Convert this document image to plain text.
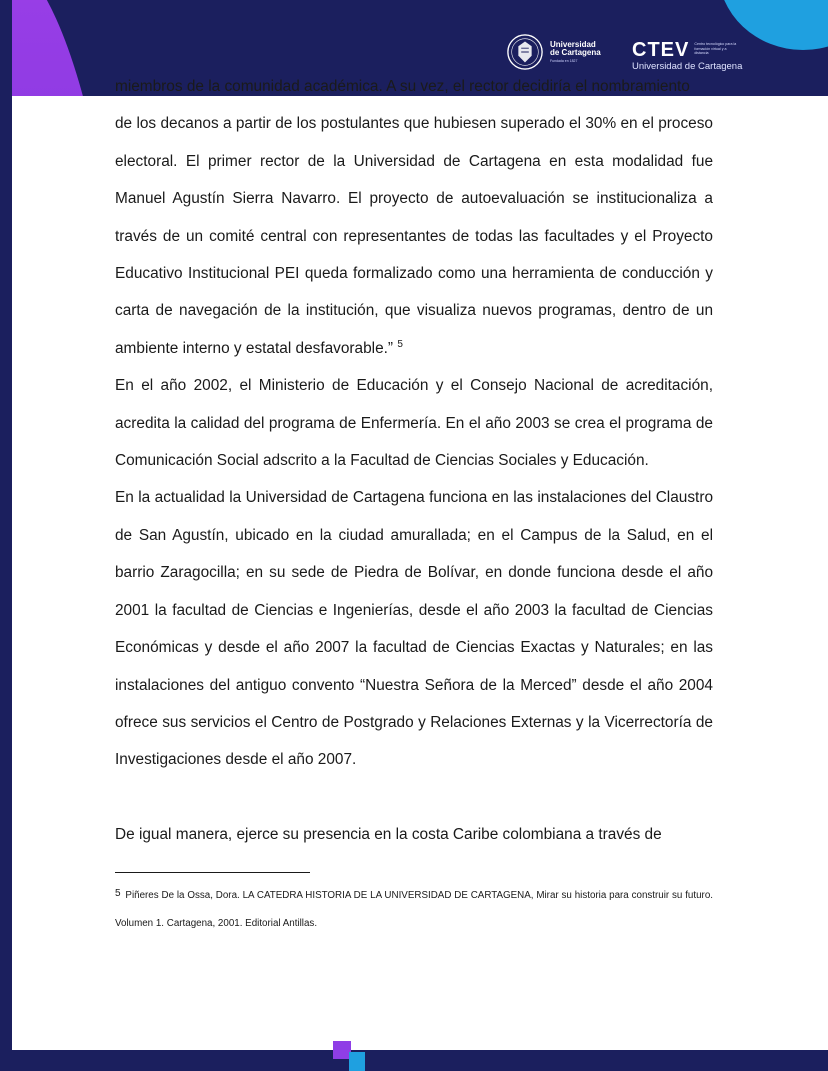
Universidad
de Cartagena
Fundada en 1827	CTEV Centro tecnológico para la formación virtual y a distancia
Universidad de Cartagena

miembros de la comunidad académica. A su vez, el rector decidiría el nombramiento

de los decanos a partir de los postulantes que hubiesen superado el 30% en el proceso electoral. El primer rector de la Universidad de Cartagena en esta modalidad fue Manuel Agustín Sierra Navarro. El proyecto de autoevaluación se institucionaliza a través de un comité central con representantes de todas las facultades y el Proyecto Educativo Institucional PEI queda formalizado como una herramienta de conducción y carta de navegación de la institución, que visualiza nuevos programas, dentro de un ambiente interno y estatal desfavorable.” $^5$

En el año 2002, el Ministerio de Educación y el Consejo Nacional de acreditación, acredita la calidad del programa de Enfermería. En el año 2003 se crea el programa de Comunicación Social adscrito a la Facultad de Ciencias Sociales y Educación.

En la actualidad la Universidad de Cartagena funciona en las instalaciones del Claustro de San Agustín, ubicado en la ciudad amurallada; en el Campus de la Salud, en el barrio Zaragocilla; en su sede de Piedra de Bolívar, en donde funciona desde el año 2001 la facultad de Ciencias e Ingenierías, desde el año 2003 la facultad de Ciencias Económicas y desde el año 2007 la facultad de Ciencias Exactas y Naturales; en las instalaciones del antiguo convento “Nuestra Señora de la Merced” desde el año 2004 ofrece sus servicios el Centro de Postgrado y Relaciones Externas y la Vicerrectoría de Investigaciones desde el año 2007.

De igual manera, ejerce su presencia en la costa Caribe colombiana a través de

$^5$ Piñeres De la Ossa, Dora. LA CATEDRA HISTORIA DE LA UNIVERSIDAD DE CARTAGENA, Mirar su historia para construir su futuro. Volumen 1. Cartagena, 2001. Editorial Antillas.
